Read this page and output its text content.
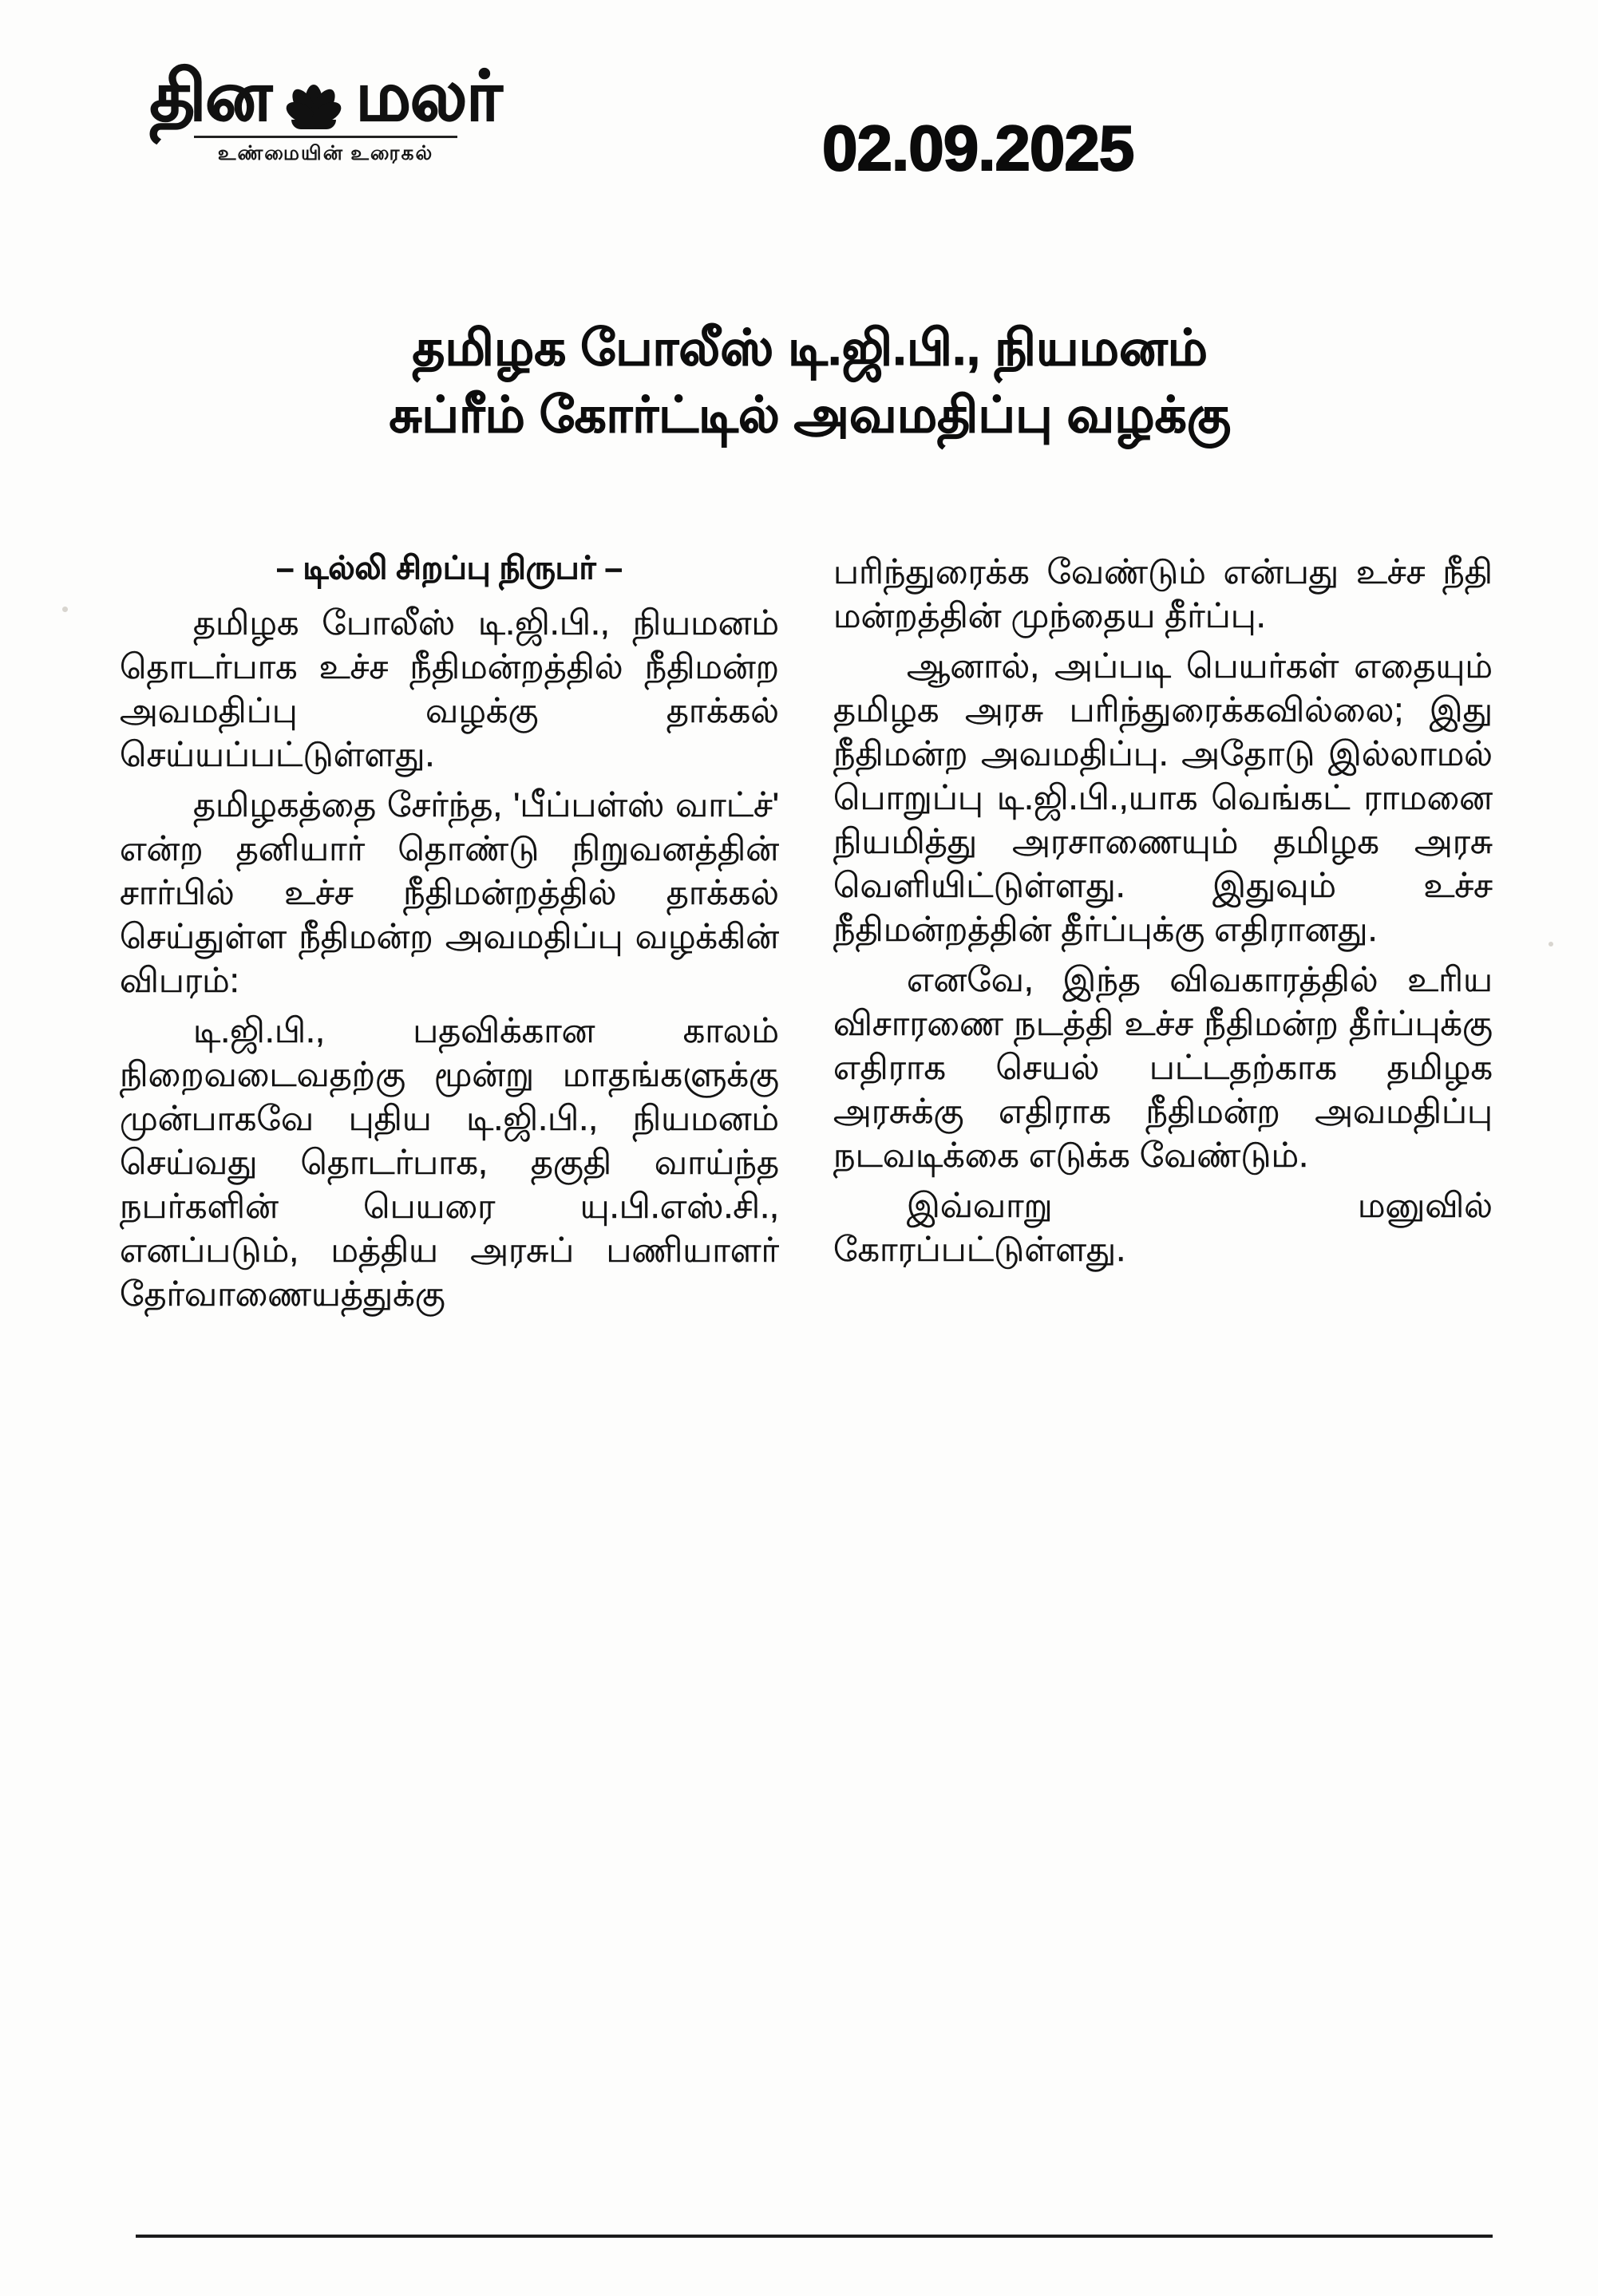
தின மலர்
உண்மையின் உரைகல்	02.09.2025
தமிழக போலீஸ் டி.ஜி.பி., நியமனம்
சுப்ரீம் கோர்ட்டில் அவமதிப்பு வழக்கு
– டில்லி சிறப்பு நிருபர் –

தமிழக போலீஸ் டி.ஜி.பி., நியமனம் தொடர்பாக உச்ச நீதிமன்றத்தில் நீதிமன்ற அவமதிப்பு வழக்கு தாக்கல் செய்யப்பட்டுள்ளது.

தமிழகத்தை சேர்ந்த, 'பீப்பள்ஸ் வாட்ச்' என்ற தனியார் தொண்டு நிறுவனத்தின் சார்பில் உச்ச நீதிமன்றத்தில் தாக்கல் செய்துள்ள நீதிமன்ற அவமதிப்பு வழக்கின் விபரம்:

டி.ஜி.பி., பதவிக்கான காலம் நிறைவடைவதற்கு மூன்று மாதங்களுக்கு முன்பாகவே புதிய டி.ஜி.பி., நியமனம் செய்வது தொடர்பாக, தகுதி வாய்ந்த நபர்களின் பெயரை யு.பி.எஸ்.சி., எனப்படும், மத்திய அரசுப் பணியாளர் தேர்வாணையத்துக்கு

பரிந்துரைக்க வேண்டும் என்பது உச்ச நீதி மன்றத்தின் முந்தைய தீர்ப்பு.

ஆனால், அப்படி பெயர்கள் எதையும் தமிழக அரசு பரிந்துரைக்கவில்லை; இது நீதிமன்ற அவமதிப்பு. அதோடு இல்லாமல் பொறுப்பு டி.ஜி.பி.,யாக வெங்கட் ராமனை நியமித்து அரசாணையும் தமிழக அரசு வெளியிட்டுள்ளது. இதுவும் உச்ச நீதிமன்றத்தின் தீர்ப்புக்கு எதிரானது.

எனவே, இந்த விவகாரத்தில் உரிய விசாரணை நடத்தி உச்ச நீதிமன்ற தீர்ப்புக்கு எதிராக செயல் பட்டதற்காக தமிழக அரசுக்கு எதிராக நீதிமன்ற அவமதிப்பு நடவடிக்கை எடுக்க வேண்டும்.

இவ்வாறு மனுவில் கோரப்பட்டுள்ளது.
